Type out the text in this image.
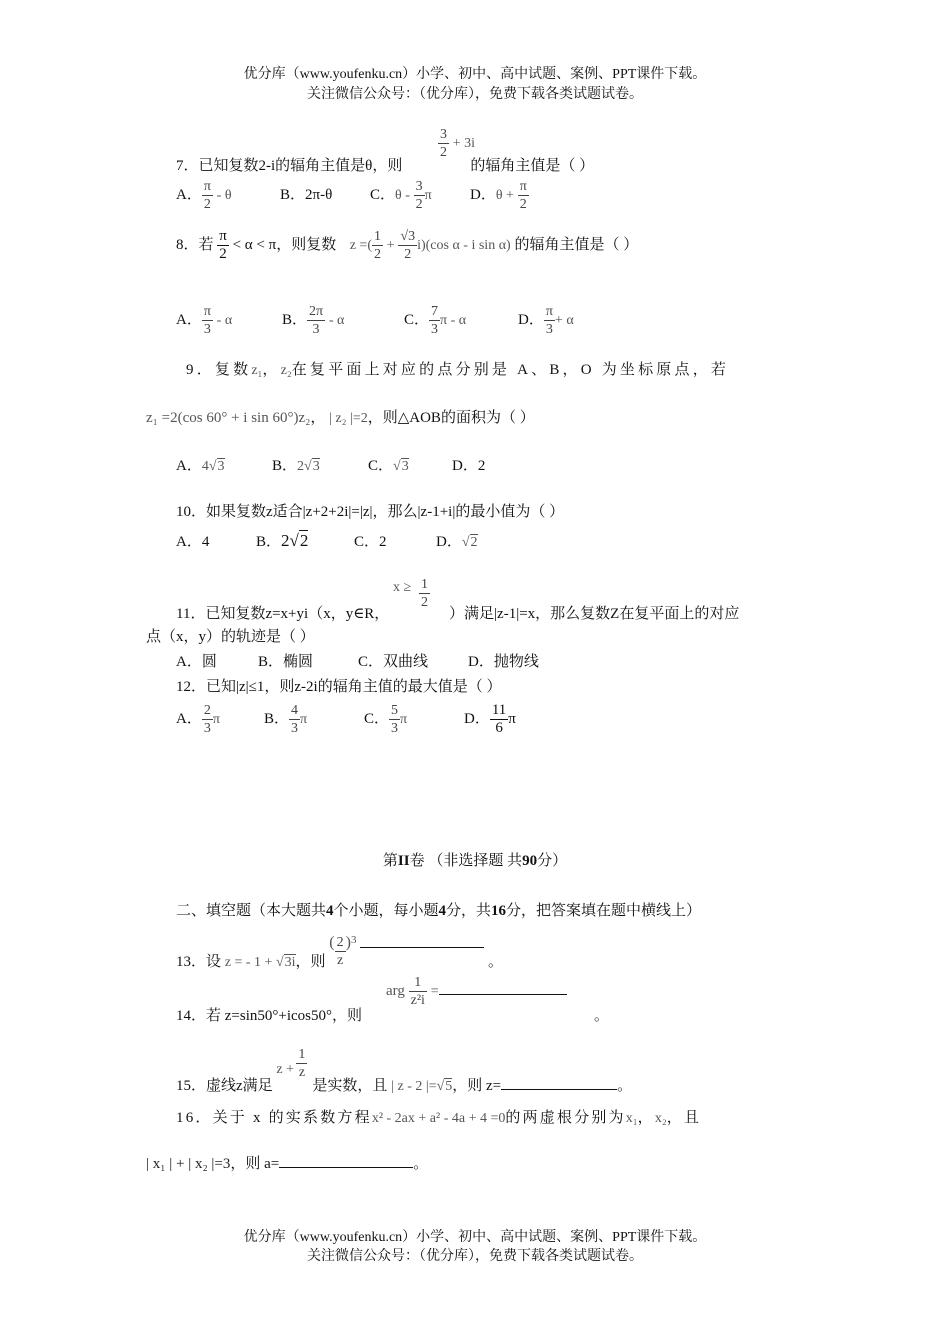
优分库（www.youfenku.cn）小学、初中、高中试题、案例、PPT课件下载。
关注微信公众号：（优分库），免费下载各类试题试卷。
$\frac{3}{2} + 3i$
7．已知复数2-i的辐角主值是θ，则	的辐角主值是（ ）
A． $\frac{\pi}{2}$ - θ	B．2π-θ	C．θ - $\frac{3}{2}$ π	D．$\theta + \frac{\pi}{2}$
8．若 $\frac{\pi}{2} < \alpha < \pi$，则复数 z =( $\frac{1}{2} + \frac{√3}{2} i)(\cos$ α - i sin α) 的辐角主值是（ ）
A． $\frac{\pi}{3}$ - α	B． $\frac{2\pi}{3}$ - α	C． $\frac{7}{3}$ π - α	D． $\frac{\pi}{3} + \alpha$
9．复数z₁，z₂在复平面上对应的点分别是 A、B，O 为坐标原点，若
z₁ =2(cos 60° + i sin 60°)z₂， | z₂ |=2，则△AOB的面积为（ ）
A．4√3	B．2√3	C．√3	D．2
10．如果复数z适合|z+2+2i|=|z|，那么|z-1+i|的最小值为（ ）
A．4	B．2√2	C．2	D．√2
11．已知复数z=x+yi（x，y∈R，
$x \ge \frac{1}{2}$
）满足|z-1|=x，那么复数Z在复平面上的对应
点（x，y）的轨迹是（ ）
A．圆	B．椭圆	C．双曲线	D．抛物线
12．已知|z|≤1，则z-2i的辐角主值的最大值是（ ）
A． $\frac{2}{3}$ π	B． $\frac{4}{3}$ π	C． $\frac{5}{3}$ π	D． $\frac{11}{6}$ π
第II卷 （非选择题 共90分）
二、填空题（本大题共4个小题，每小题4分，共16分，把答案填在题中横线上）
13．设 z = - 1 + √3i，则 ( $\frac{2}{z} )^3$  。
14．若 z=sin50°+icos50°，则
arg $\frac{1}{\text{z²i}}$ =
。
15．虚线z满足
$z + \frac{1}{z}$
是实数，且 | z - 2 |=√5，则 z=	。
16．关于 x 的实系数方程x² - 2ax + a² - 4a + 4 =0的两虚根分别为x₁，x₂，且
| x₁ | + | x₂ |=3，则 a=	。
优分库（www.youfenku.cn）小学、初中、高中试题、案例、PPT课件下载。
关注微信公众号：（优分库），免费下载各类试题试卷。
